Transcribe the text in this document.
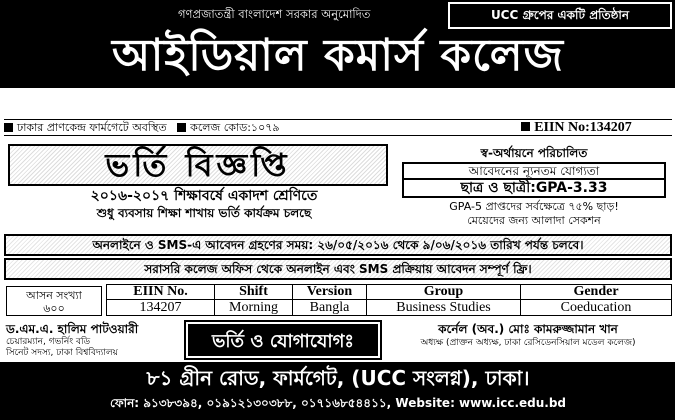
গণপ্রজাতন্ত্রী বাংলাদেশ সরকার অনুমোদিত	UCC গ্রুপের একটি প্রতিষ্ঠান
আইডিয়াল কমার্স কলেজ
ঢাকার প্রাণকেন্দ্র ফার্মগেটে অবস্থিত কলেজ কোড:১০৭৯	EIIN No:134207
ভর্তি বিজ্ঞপ্তি	স্ব-অর্থায়নে পরিচালিত
আবেদনের ন্যূনতম যোগ্যতা
ছাত্র ও ছাত্রী:GPA-3.33
GPA-5 প্রাপ্তদের সর্বক্ষেত্রে ৭৫% ছাড়!
মেয়েদের জন্য আলাদা সেকশন
২০১৬-২০১৭ শিক্ষাবর্ষে একাদশ শ্রেণিতে
শুধু ব্যবসায় শিক্ষা শাখায় ভর্তি কার্যক্রম চলছে
অনলাইনে ও SMS-এ আবেদন গ্রহণের সময়: ২৬/০৫/২০১৬ থেকে ৯/০৬/২০১৬ তারিখ পর্যন্ত চলবে।
সরাসরি কলেজ অফিস থেকে অনলাইন এবং SMS প্রক্রিয়ায় আবেদন সম্পূর্ণ ফ্রি।
আসন সংখ্যা
৬০০
EIIN No.	Shift	Version	Group	Gender
134207	Morning	Bangla	Business Studies	Coeducation
ড.এম.এ. হালিম পাটওয়ারী
চেয়ারম্যান, গভর্নিং বডি
সিনেট সদস্য, ঢাকা বিশ্ববিদ্যালয়
ভর্তি ও যোগাযোগঃ
কর্নেল (অব.) মোঃ কামরুজ্জামান খান
অধ্যক্ষ (প্রাক্তন অধ্যক্ষ, ঢাকা রেসিডেনসিয়াল মডেল কলেজ)
৮১ গ্রীন রোড, ফার্মগেট, (UCC সংলগ্ন), ঢাকা।
ফোন: ৯১৩৮৩৯৪, ০১৯১২১৩০৩৮৮, ০১৭১৬৮৫৪৪১১, Website: www.icc.edu.bd
